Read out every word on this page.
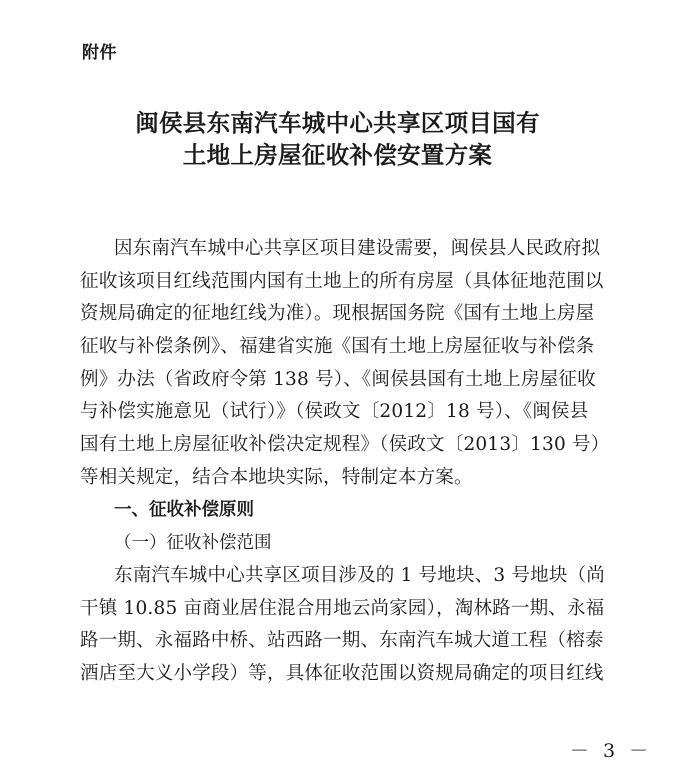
附件
闽侯县东南汽车城中心共享区项目国有
土地上房屋征收补偿安置方案
因东南汽车城中心共享区项目建设需要，闽侯县人民政府拟
征收该项目红线范围内国有土地上的所有房屋（具体征地范围以
资规局确定的征地红线为准）。现根据国务院《国有土地上房屋
征收与补偿条例》、福建省实施《国有土地上房屋征收与补偿条
例》办法（省政府令第 138 号）、《闽侯县国有土地上房屋征收
与补偿实施意见（试行）》（侯政文〔2012〕18 号）、《闽侯县
国有土地上房屋征收补偿决定规程》（侯政文〔2013〕130 号）
等相关规定，结合本地块实际，特制定本方案。
一、征收补偿原则
（一）征收补偿范围
东南汽车城中心共享区项目涉及的 1 号地块、3 号地块（尚
干镇 10.85 亩商业居住混合用地云尚家园），淘林路一期、永福
路一期、永福路中桥、站西路一期、东南汽车城大道工程（榕泰
酒店至大义小学段）等，具体征收范围以资规局确定的项目红线
－ 3 －
